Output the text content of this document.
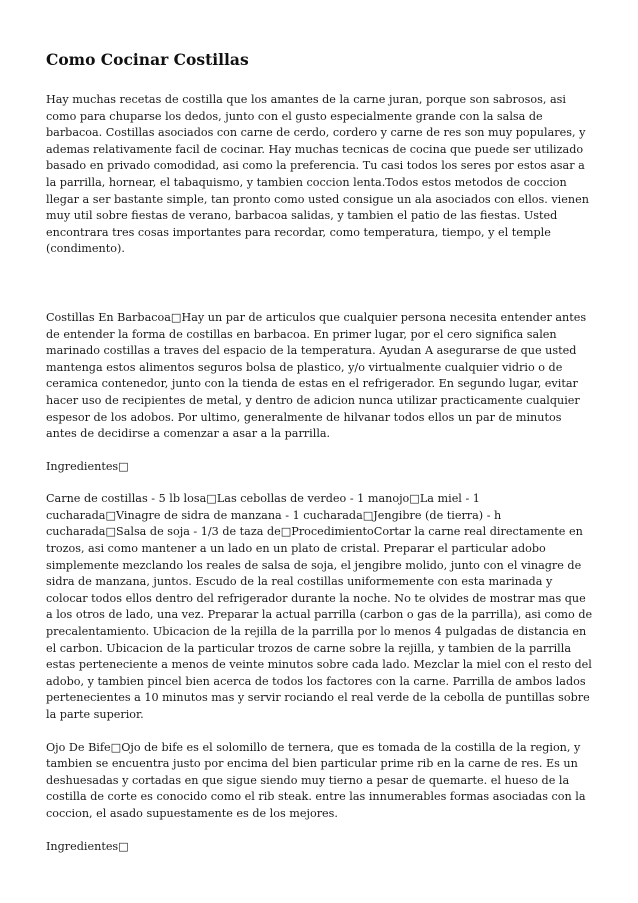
Como Cocinar Costillas

Hay muchas recetas de costilla que los amantes de la carne juran, porque son sabrosos, asi como para chuparse los dedos, junto con el gusto especialmente grande con la salsa de barbacoa. Costillas asociados con carne de cerdo, cordero y carne de res son muy populares, y ademas relativamente facil de cocinar. Hay muchas tecnicas de cocina que puede ser utilizado basado en privado comodidad, asi como la preferencia. Tu casi todos los seres por estos asar a la parrilla, hornear, el tabaquismo, y tambien coccion lenta.Todos estos metodos de coccion llegar a ser bastante simple, tan pronto como usted consigue un ala asociados con ellos. vienen muy util sobre fiestas de verano, barbacoa salidas, y tambien el patio de las fiestas. Usted encontrara tres cosas importantes para recordar, como temperatura, tiempo, y el temple (condimento).

Costillas En Barbacoa□Hay un par de articulos que cualquier persona necesita entender antes de entender la forma de costillas en barbacoa. En primer lugar, por el cero significa salen marinado costillas a traves del espacio de la temperatura. Ayudan A asegurarse de que usted mantenga estos alimentos seguros bolsa de plastico, y/o virtualmente cualquier vidrio o de ceramica contenedor, junto con la tienda de estas en el refrigerador. En segundo lugar, evitar hacer uso de recipientes de metal, y dentro de adicion nunca utilizar practicamente cualquier espesor de los adobos. Por ultimo, generalmente de hilvanar todos ellos un par de minutos antes de decidirse a comenzar a asar a la parrilla.

Ingredientes□

Carne de costillas - 5 lb losa□Las cebollas de verdeo - 1 manojo□La miel - 1 cucharada□Vinagre de sidra de manzana - 1 cucharada□Jengibre (de tierra) - h cucharada□Salsa de soja - 1/3 de taza de□ProcedimientoCortar la carne real directamente en trozos, asi como mantener a un lado en un plato de cristal. Preparar el particular adobo simplemente mezclando los reales de salsa de soja, el jengibre molido, junto con el vinagre de sidra de manzana, juntos. Escudo de la real costillas uniformemente con esta marinada y colocar todos ellos dentro del refrigerador durante la noche. No te olvides de mostrar mas que a los otros de lado, una vez. Preparar la actual parrilla (carbon o gas de la parrilla), asi como de precalentamiento. Ubicacion de la rejilla de la parrilla por lo menos 4 pulgadas de distancia en el carbon. Ubicacion de la particular trozos de carne sobre la rejilla, y tambien de la parrilla estas perteneciente a menos de veinte minutos sobre cada lado. Mezclar la miel con el resto del adobo, y tambien pincel bien acerca de todos los factores con la carne. Parrilla de ambos lados pertenecientes a 10 minutos mas y servir rociando el real verde de la cebolla de puntillas sobre la parte superior.

Ojo De Bife□Ojo de bife es el solomillo de ternera, que es tomada de la costilla de la region, y tambien se encuentra justo por encima del bien particular prime rib en la carne de res. Es un deshuesadas y cortadas en que sigue siendo muy tierno a pesar de quemarte. el hueso de la costilla de corte es conocido como el rib steak. entre las innumerables formas asociadas con la coccion, el asado supuestamente es de los mejores.

Ingredientes□
